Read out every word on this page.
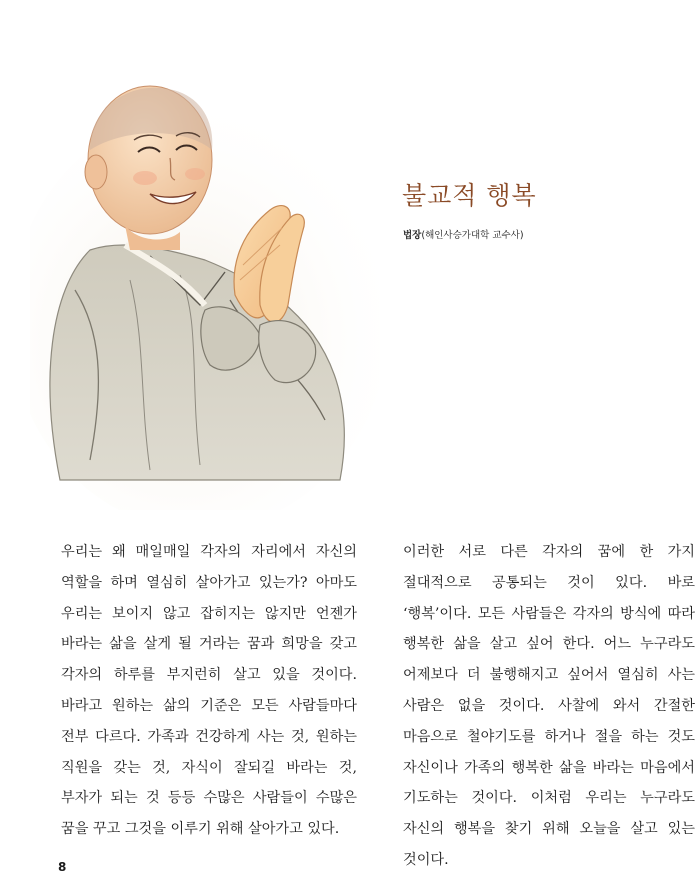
불교적 행복
법장(해인사승가대학 교수사)

우리는 왜 매일매일 각자의 자리에서 자신의 역할을 하며 열심히 살아가고 있는가? 아마도 우리는 보이지 않고 잡히지는 않지만 언젠가 바라는 삶을 살게 될 거라는 꿈과 희망을 갖고 각자의 하루를 부지런히 살고 있을 것이다. 바라고 원하는 삶의 기준은 모든 사람들마다 전부 다르다. 가족과 건강하게 사는 것, 원하는 직원을 갖는 것, 자식이 잘되길 바라는 것, 부자가 되는 것 등등 수많은 사람들이 수많은 꿈을 꾸고 그것을 이루기 위해 살아가고 있다.

이러한 서로 다른 각자의 꿈에 한 가지 절대적으로 공통되는 것이 있다. 바로 ‘행복’이다. 모든 사람들은 각자의 방식에 따라 행복한 삶을 살고 싶어 한다. 어느 누구라도 어제보다 더 불행해지고 싶어서 열심히 사는 사람은 없을 것이다. 사찰에 와서 간절한 마음으로 철야기도를 하거나 절을 하는 것도 자신이나 가족의 행복한 삶을 바라는 마음에서 기도하는 것이다. 이처럼 우리는 누구라도 자신의 행복을 찾기 위해 오늘을 살고 있는 것이다.

8
